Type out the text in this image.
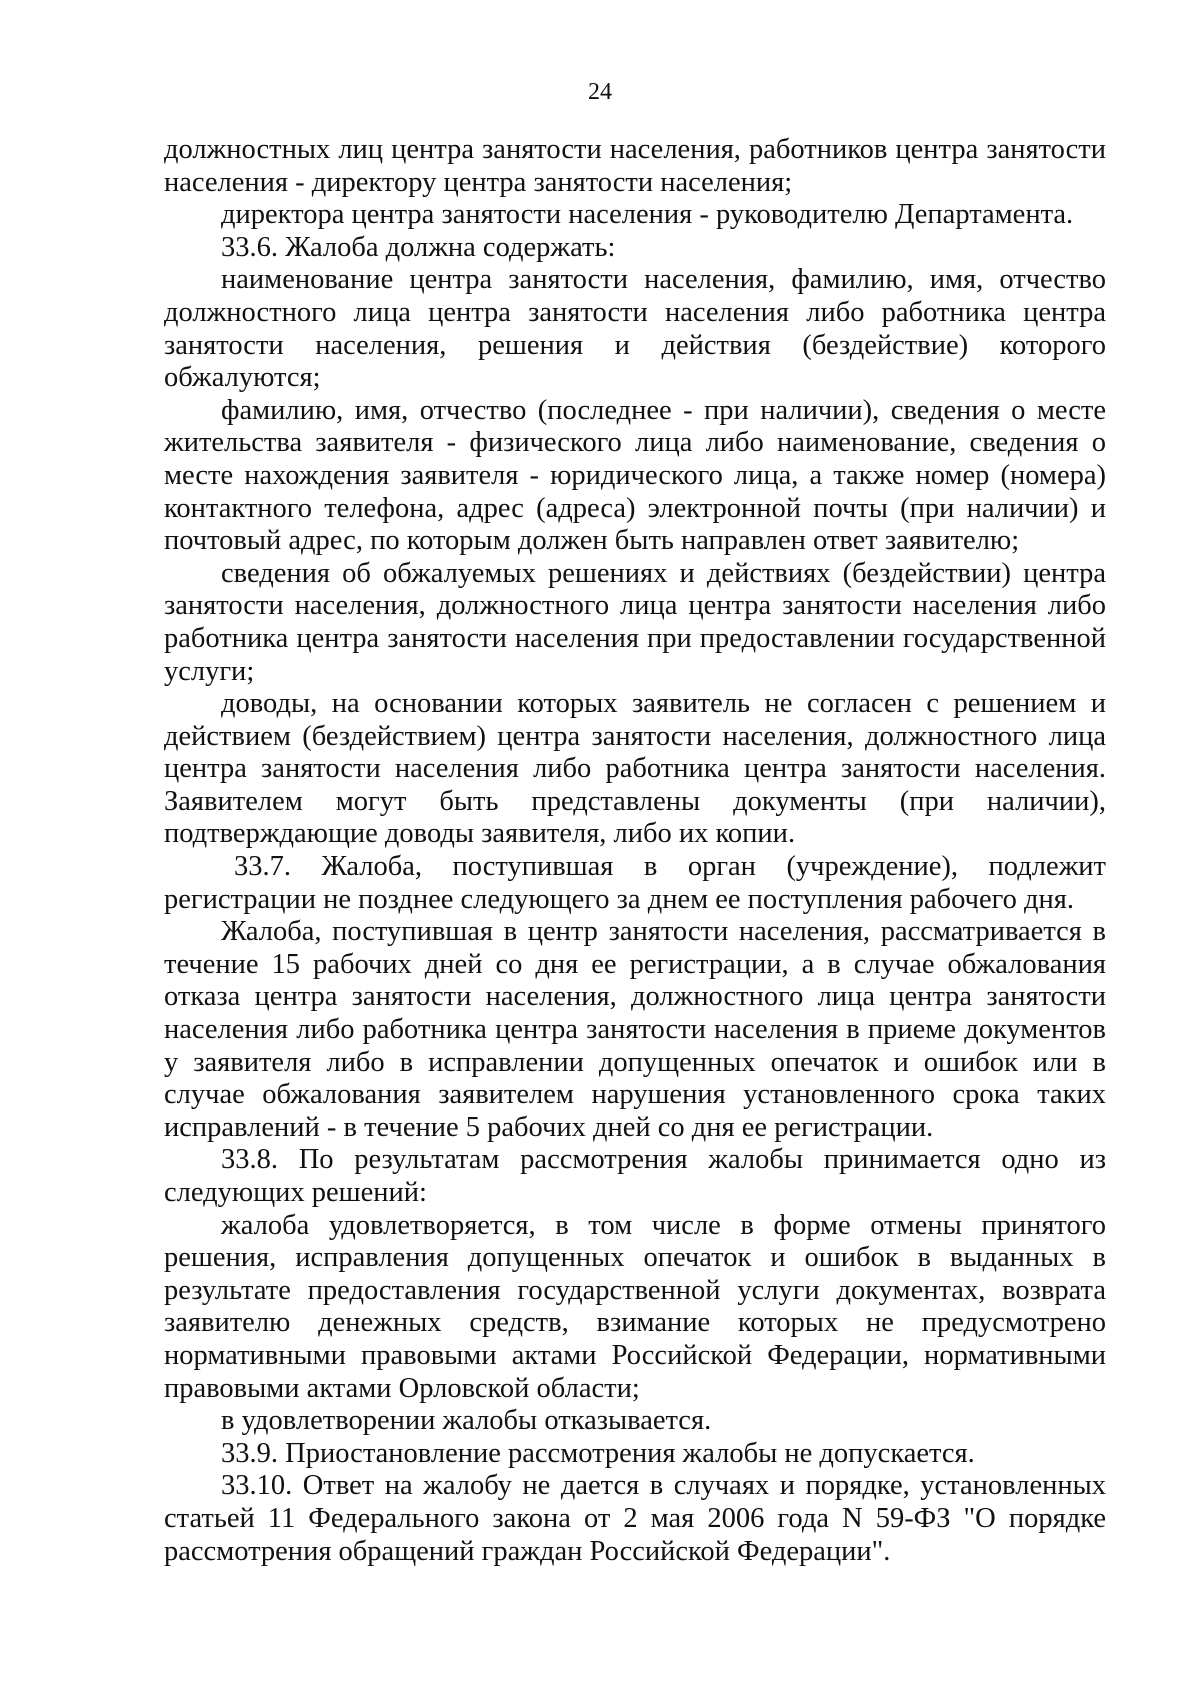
24

должностных лиц центра занятости населения, работников центра занятости населения - директору центра занятости населения;

директора центра занятости населения - руководителю Департамента.

33.6. Жалоба должна содержать:

наименование центра занятости населения, фамилию, имя, отчество должностного лица центра занятости населения либо работника центра занятости населения, решения и действия (бездействие) которого обжалуются;

фамилию, имя, отчество (последнее - при наличии), сведения о месте жительства заявителя - физического лица либо наименование, сведения о месте нахождения заявителя - юридического лица, а также номер (номера) контактного телефона, адрес (адреса) электронной почты (при наличии) и почтовый адрес, по которым должен быть направлен ответ заявителю;

сведения об обжалуемых решениях и действиях (бездействии) центра занятости населения, должностного лица центра занятости населения либо работника центра занятости населения при предоставлении государственной услуги;

доводы, на основании которых заявитель не согласен с решением и действием (бездействием) центра занятости населения, должностного лица центра занятости населения либо работника центра занятости населения. Заявителем могут быть представлены документы (при наличии), подтверждающие доводы заявителя, либо их копии.

33.7. Жалоба, поступившая в орган (учреждение), подлежит регистрации не позднее следующего за днем ее поступления рабочего дня.

Жалоба, поступившая в центр занятости населения, рассматривается в течение 15 рабочих дней со дня ее регистрации, а в случае обжалования отказа центра занятости населения, должностного лица центра занятости населения либо работника центра занятости населения в приеме документов у заявителя либо в исправлении допущенных опечаток и ошибок или в случае обжалования заявителем нарушения установленного срока таких исправлений - в течение 5 рабочих дней со дня ее регистрации.

33.8. По результатам рассмотрения жалобы принимается одно из следующих решений:

жалоба удовлетворяется, в том числе в форме отмены принятого решения, исправления допущенных опечаток и ошибок в выданных в результате предоставления государственной услуги документах, возврата заявителю денежных средств, взимание которых не предусмотрено нормативными правовыми актами Российской Федерации, нормативными правовыми актами Орловской области;

в удовлетворении жалобы отказывается.

33.9. Приостановление рассмотрения жалобы не допускается.

33.10. Ответ на жалобу не дается в случаях и порядке, установленных статьей 11 Федерального закона от 2 мая 2006 года N 59-ФЗ "О порядке рассмотрения обращений граждан Российской Федерации".
